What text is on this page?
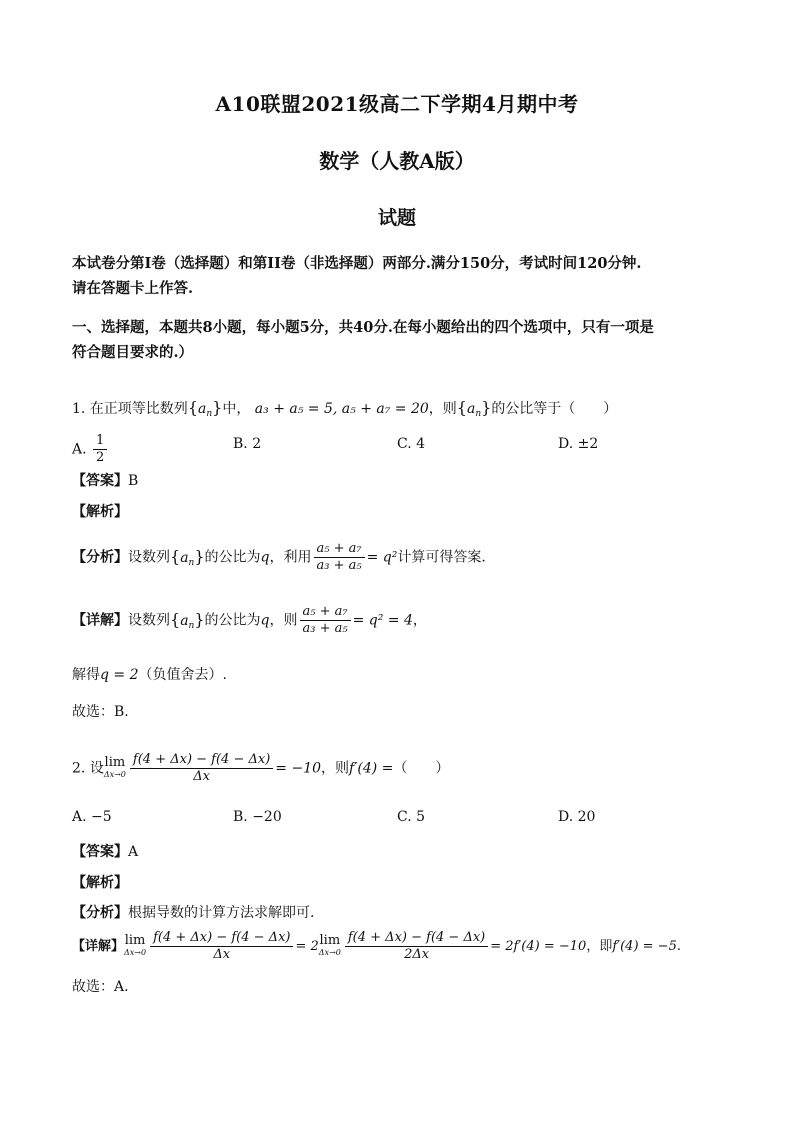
A10联盟2021级高二下学期4月期中考
数学（人教A版）
试题
本试卷分第I卷（选择题）和第II卷（非选择题）两部分.满分150分，考试时间120分钟.
请在答题卡上作答.
一、选择题，本题共8小题，每小题5分，共40分.在每小题给出的四个选项中，只有一项是
符合题目要求的.）
1. 在正项等比数列$\{a_n\}$中， a₃ + a₅ = 5, a₅ + a₇ = 20，则$\{a_n\}$的公比等于（　　）
A. $\frac{1}{2}$	B. 2	C. 4	D. ±2
【答案】B
【解析】
【分析】设数列$\{a_n\}$的公比为q，利用 $\frac{\text{a₅ + a₇}}{\text{a₃ + a₅}} = q^2$计算可得答案.
【详解】设数列$\{a_n\}$的公比为q，则 $\frac{\text{a₅ + a₇}}{\text{a₃ + a₅}} = q^2 = 4$，
解得q = 2（负值舍去）.
故选：B.
2. 设 lim
$\Delta x\to 0 \frac{f(4 + \Delta x) - f(4 - \Delta x)}{\Delta x} = -10$，则f′(4) =（　　）
A. −5	B. −20	C. 5	D. 20
【答案】A
【解析】
【分析】根据导数的计算方法求解即可.
【详解】 lim
$\Delta x\to 0 \frac{f(4 + \Delta x) - f(4 - \Delta x)}{\Delta x} = 2$ lim
$\Delta x\to 0 \frac{f(4 + \Delta x) - f(4 - \Delta x)}{2\Delta x} = 2f'(4) = -10$，即f′(4) = −5.
故选：A.
